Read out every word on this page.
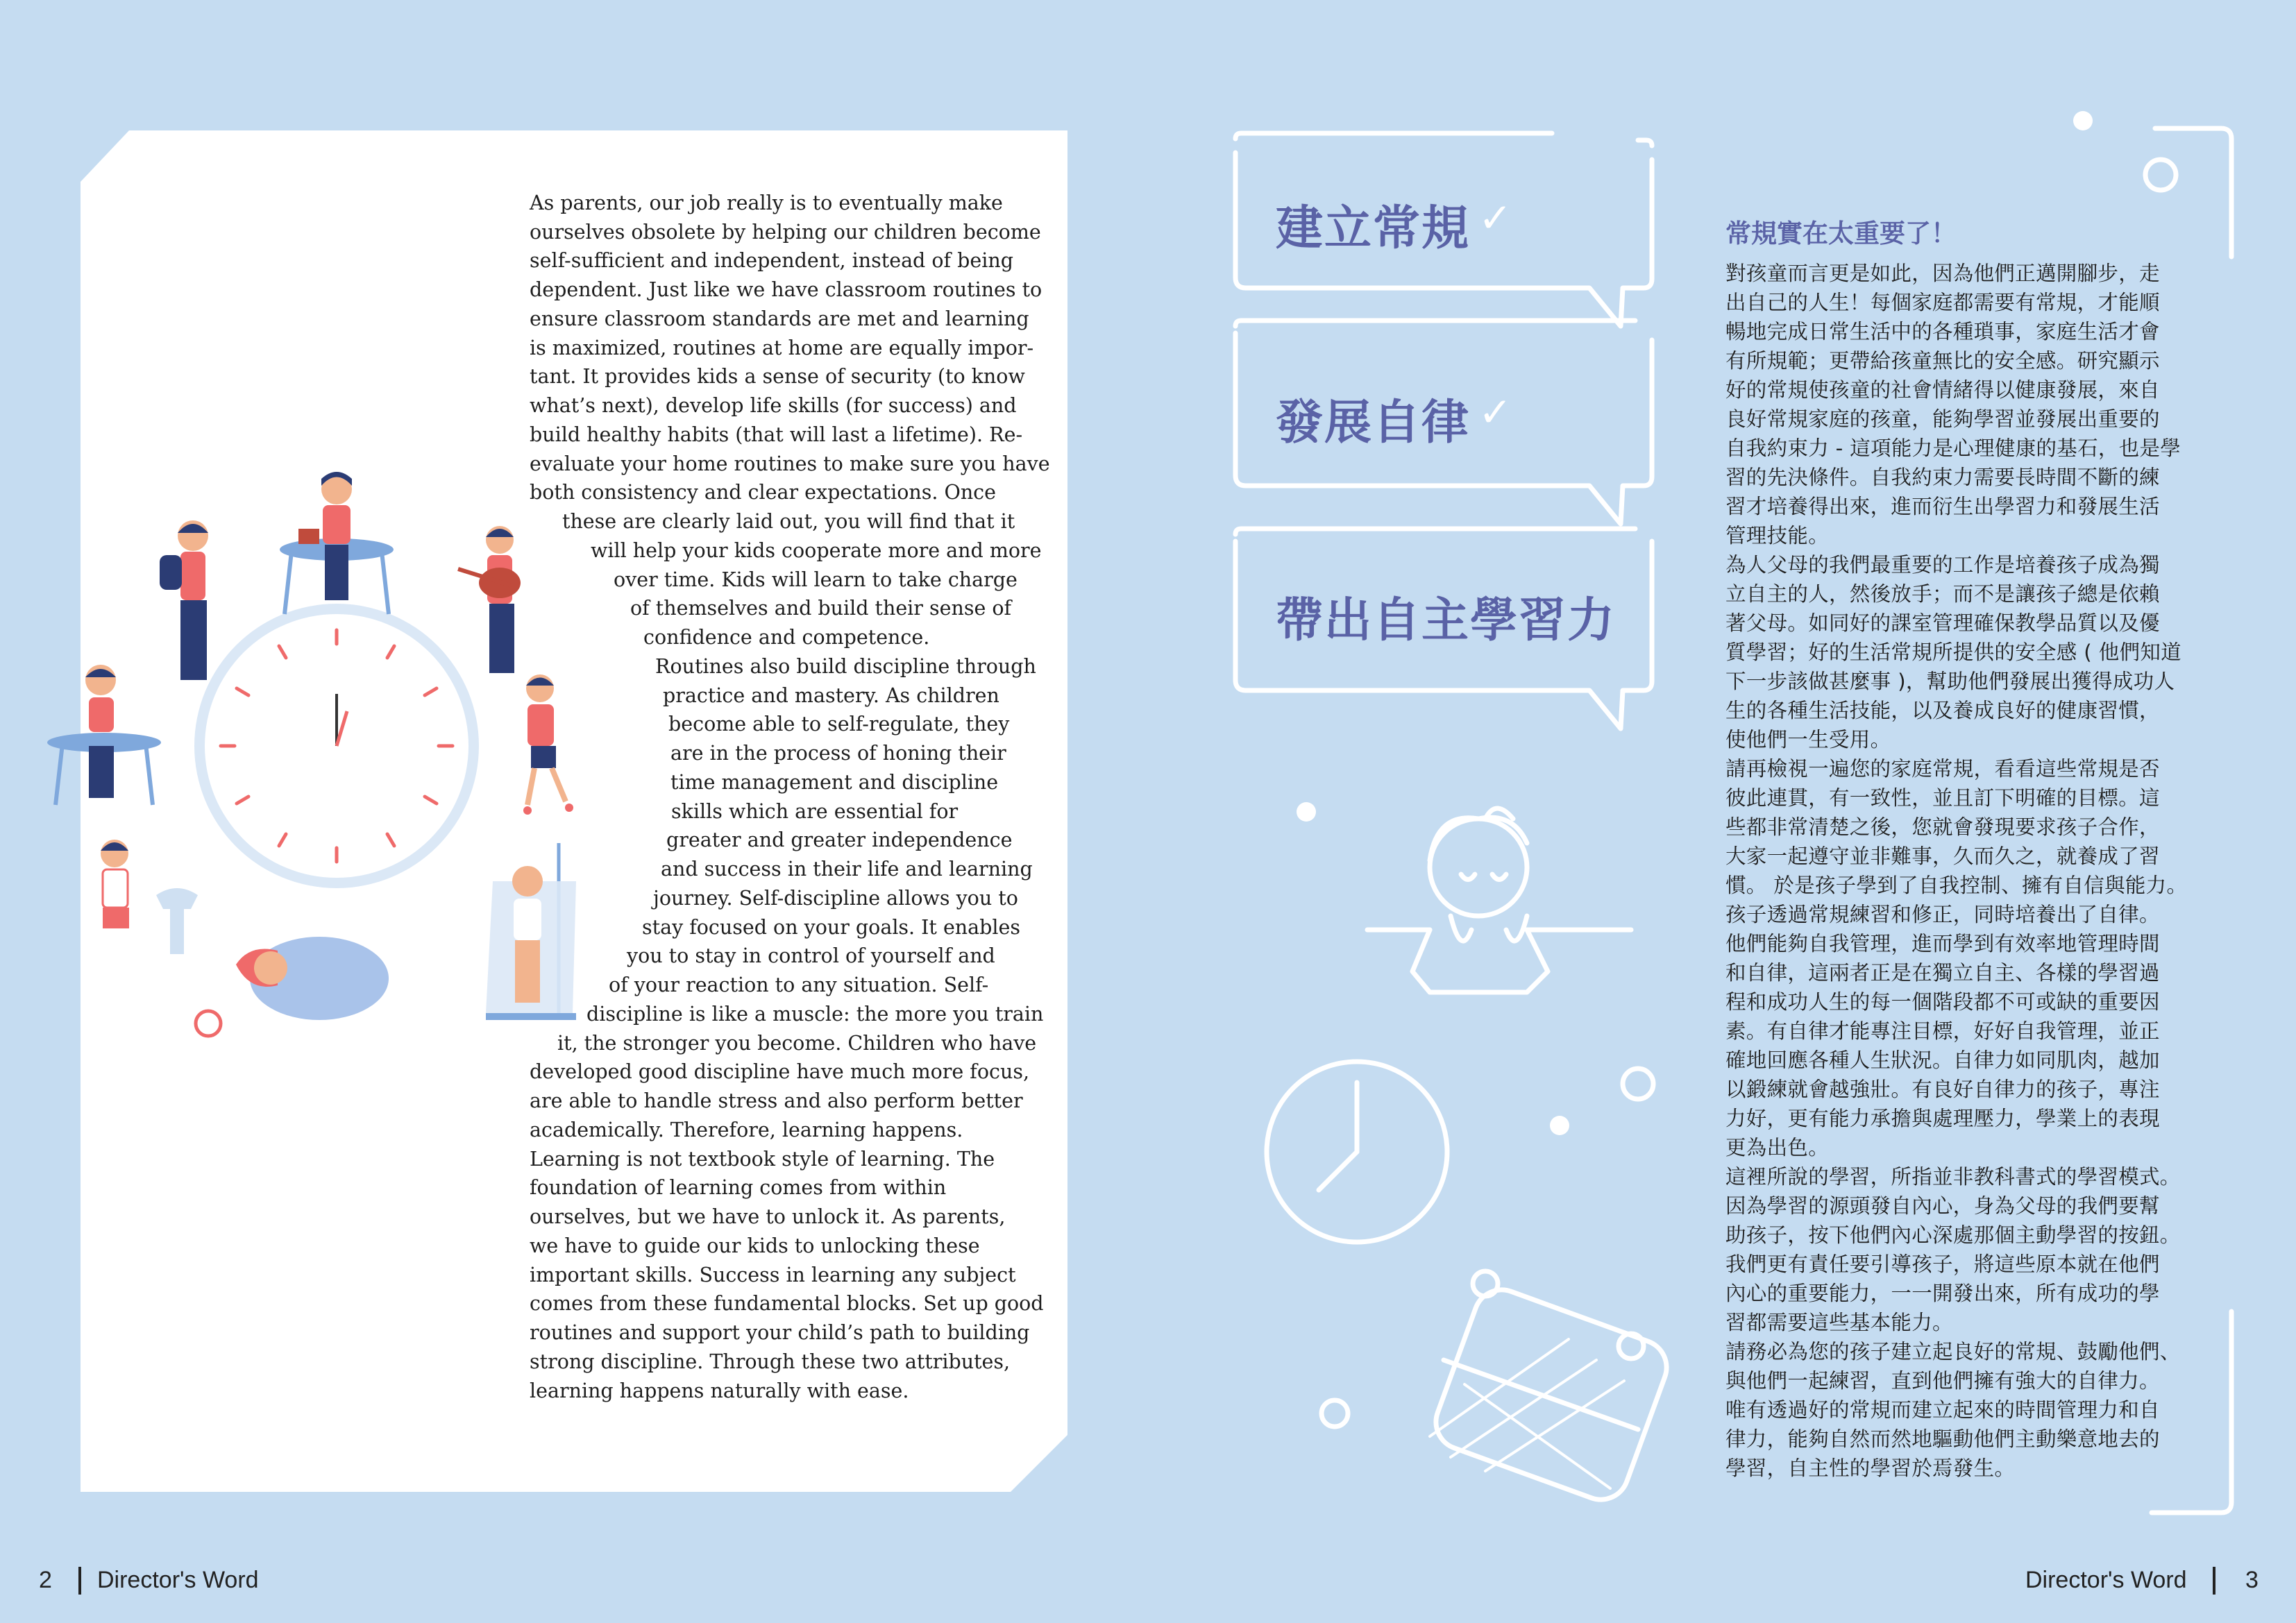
As parents, our job really is to eventually make
ourselves obsolete by helping our children become
self-sufficient and independent, instead of being
dependent. Just like we have classroom routines to
ensure classroom standards are met and learning
is maximized, routines at home are equally impor-
tant. It provides kids a sense of security (to know
what’s next), develop life skills (for success) and
build healthy habits (that will last a lifetime). Re-
evaluate your home routines to make sure you have
both consistency and clear expectations. Once
these are clearly laid out, you will find that it
will help your kids cooperate more and more
over time. Kids will learn to take charge
of themselves and build their sense of
confidence and competence.
Routines also build discipline through
practice and mastery. As children
become able to self-regulate, they
are in the process of honing their
time management and discipline
skills which are essential for
greater and greater independence
and success in their life and learning
journey. Self-discipline allows you to
stay focused on your goals. It enables
you to stay in control of yourself and
of your reaction to any situation. Self-
discipline is like a muscle: the more you train
it, the stronger you become. Children who have
developed good discipline have much more focus,
are able to handle stress and also perform better
academically. Therefore, learning happens.
Learning is not textbook style of learning. The
foundation of learning comes from within
ourselves, but we have to unlock it. As parents,
we have to guide our kids to unlocking these
important skills. Success in learning any subject
comes from these fundamental blocks. Set up good
routines and support your child’s path to building
strong discipline. Through these two attributes,
learning happens naturally with ease.
2 Director's Word
建立常規 ✓
發展自律 ✓
帶出自主學習力
常規實在太重要了！
對孩童而言更是如此，因為他們正邁開腳步，走
出自己的人生！每個家庭都需要有常規，才能順
暢地完成日常生活中的各種瑣事，家庭生活才會
有所規範；更帶給孩童無比的安全感。研究顯示
好的常規使孩童的社會情緒得以健康發展，來自
良好常規家庭的孩童，能夠學習並發展出重要的
自我約束力 - 這項能力是心理健康的基石，也是學
習的先決條件。自我約束力需要長時間不斷的練
習才培養得出來，進而衍生出學習力和發展生活
管理技能。
為人父母的我們最重要的工作是培養孩子成為獨
立自主的人，然後放手；而不是讓孩子總是依賴
著父母。如同好的課室管理確保教學品質以及優
質學習；好的生活常規所提供的安全感 ( 他們知道
下一步該做甚麼事 )，幫助他們發展出獲得成功人
生的各種生活技能，以及養成良好的健康習慣，
使他們一生受用。
請再檢視一遍您的家庭常規，看看這些常規是否
彼此連貫，有一致性，並且訂下明確的目標。這
些都非常清楚之後，您就會發現要求孩子合作，
大家一起遵守並非難事，久而久之，就養成了習
慣。 於是孩子學到了自我控制、擁有自信與能力。
孩子透過常規練習和修正，同時培養出了自律。
他們能夠自我管理，進而學到有效率地管理時間
和自律，這兩者正是在獨立自主、各樣的學習過
程和成功人生的每一個階段都不可或缺的重要因
素。有自律才能專注目標，好好自我管理，並正
確地回應各種人生狀況。自律力如同肌肉，越加
以鍛練就會越強壯。有良好自律力的孩子，專注
力好，更有能力承擔與處理壓力，學業上的表現
更為出色。
這裡所說的學習，所指並非教科書式的學習模式。
因為學習的源頭發自內心，身為父母的我們要幫
助孩子，按下他們內心深處那個主動學習的按鈕。
我們更有責任要引導孩子，將這些原本就在他們
內心的重要能力，一一開發出來，所有成功的學
習都需要這些基本能力。
請務必為您的孩子建立起良好的常規、鼓勵他們、
與他們一起練習，直到他們擁有強大的自律力。
唯有透過好的常規而建立起來的時間管理力和自
律力，能夠自然而然地驅動他們主動樂意地去的
學習，自主性的學習於焉發生。
Director's Word 3
